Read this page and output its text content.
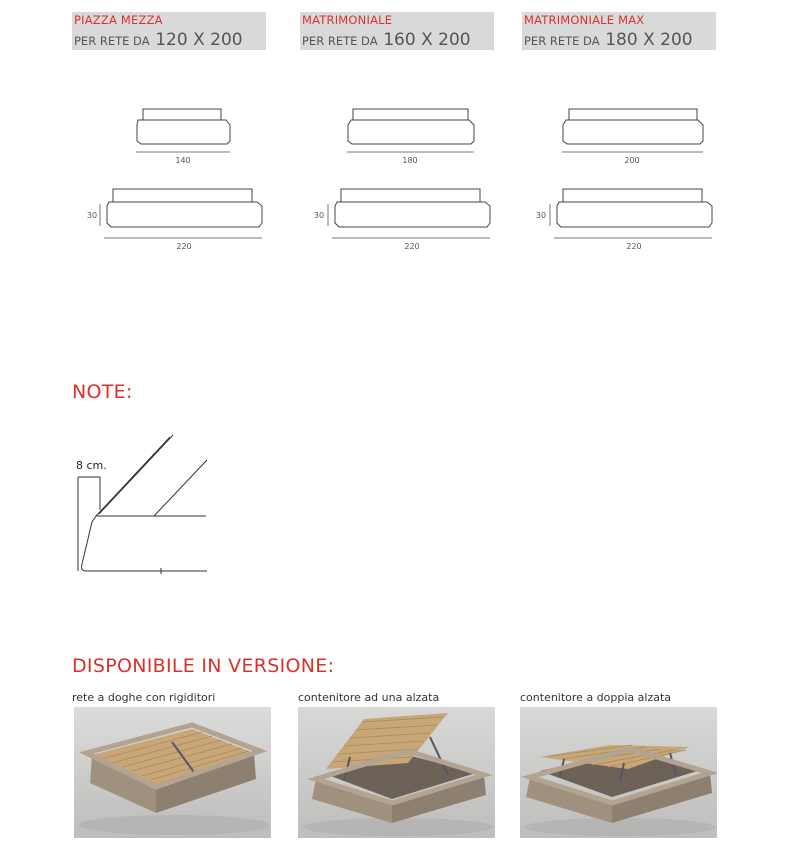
PIAZZA MEZZA
PER RETE DA 120 X 200
MATRIMONIALE
PER RETE DA 160 X 200
MATRIMONIALE MAX
PER RETE DA 180 X 200
140
30
220
180
30
220
200
30
220
NOTE:
8 cm.
DISPONIBILE IN VERSIONE:
rete a doghe con rigiditori	contenitore ad una alzata	contenitore a doppia alzata
